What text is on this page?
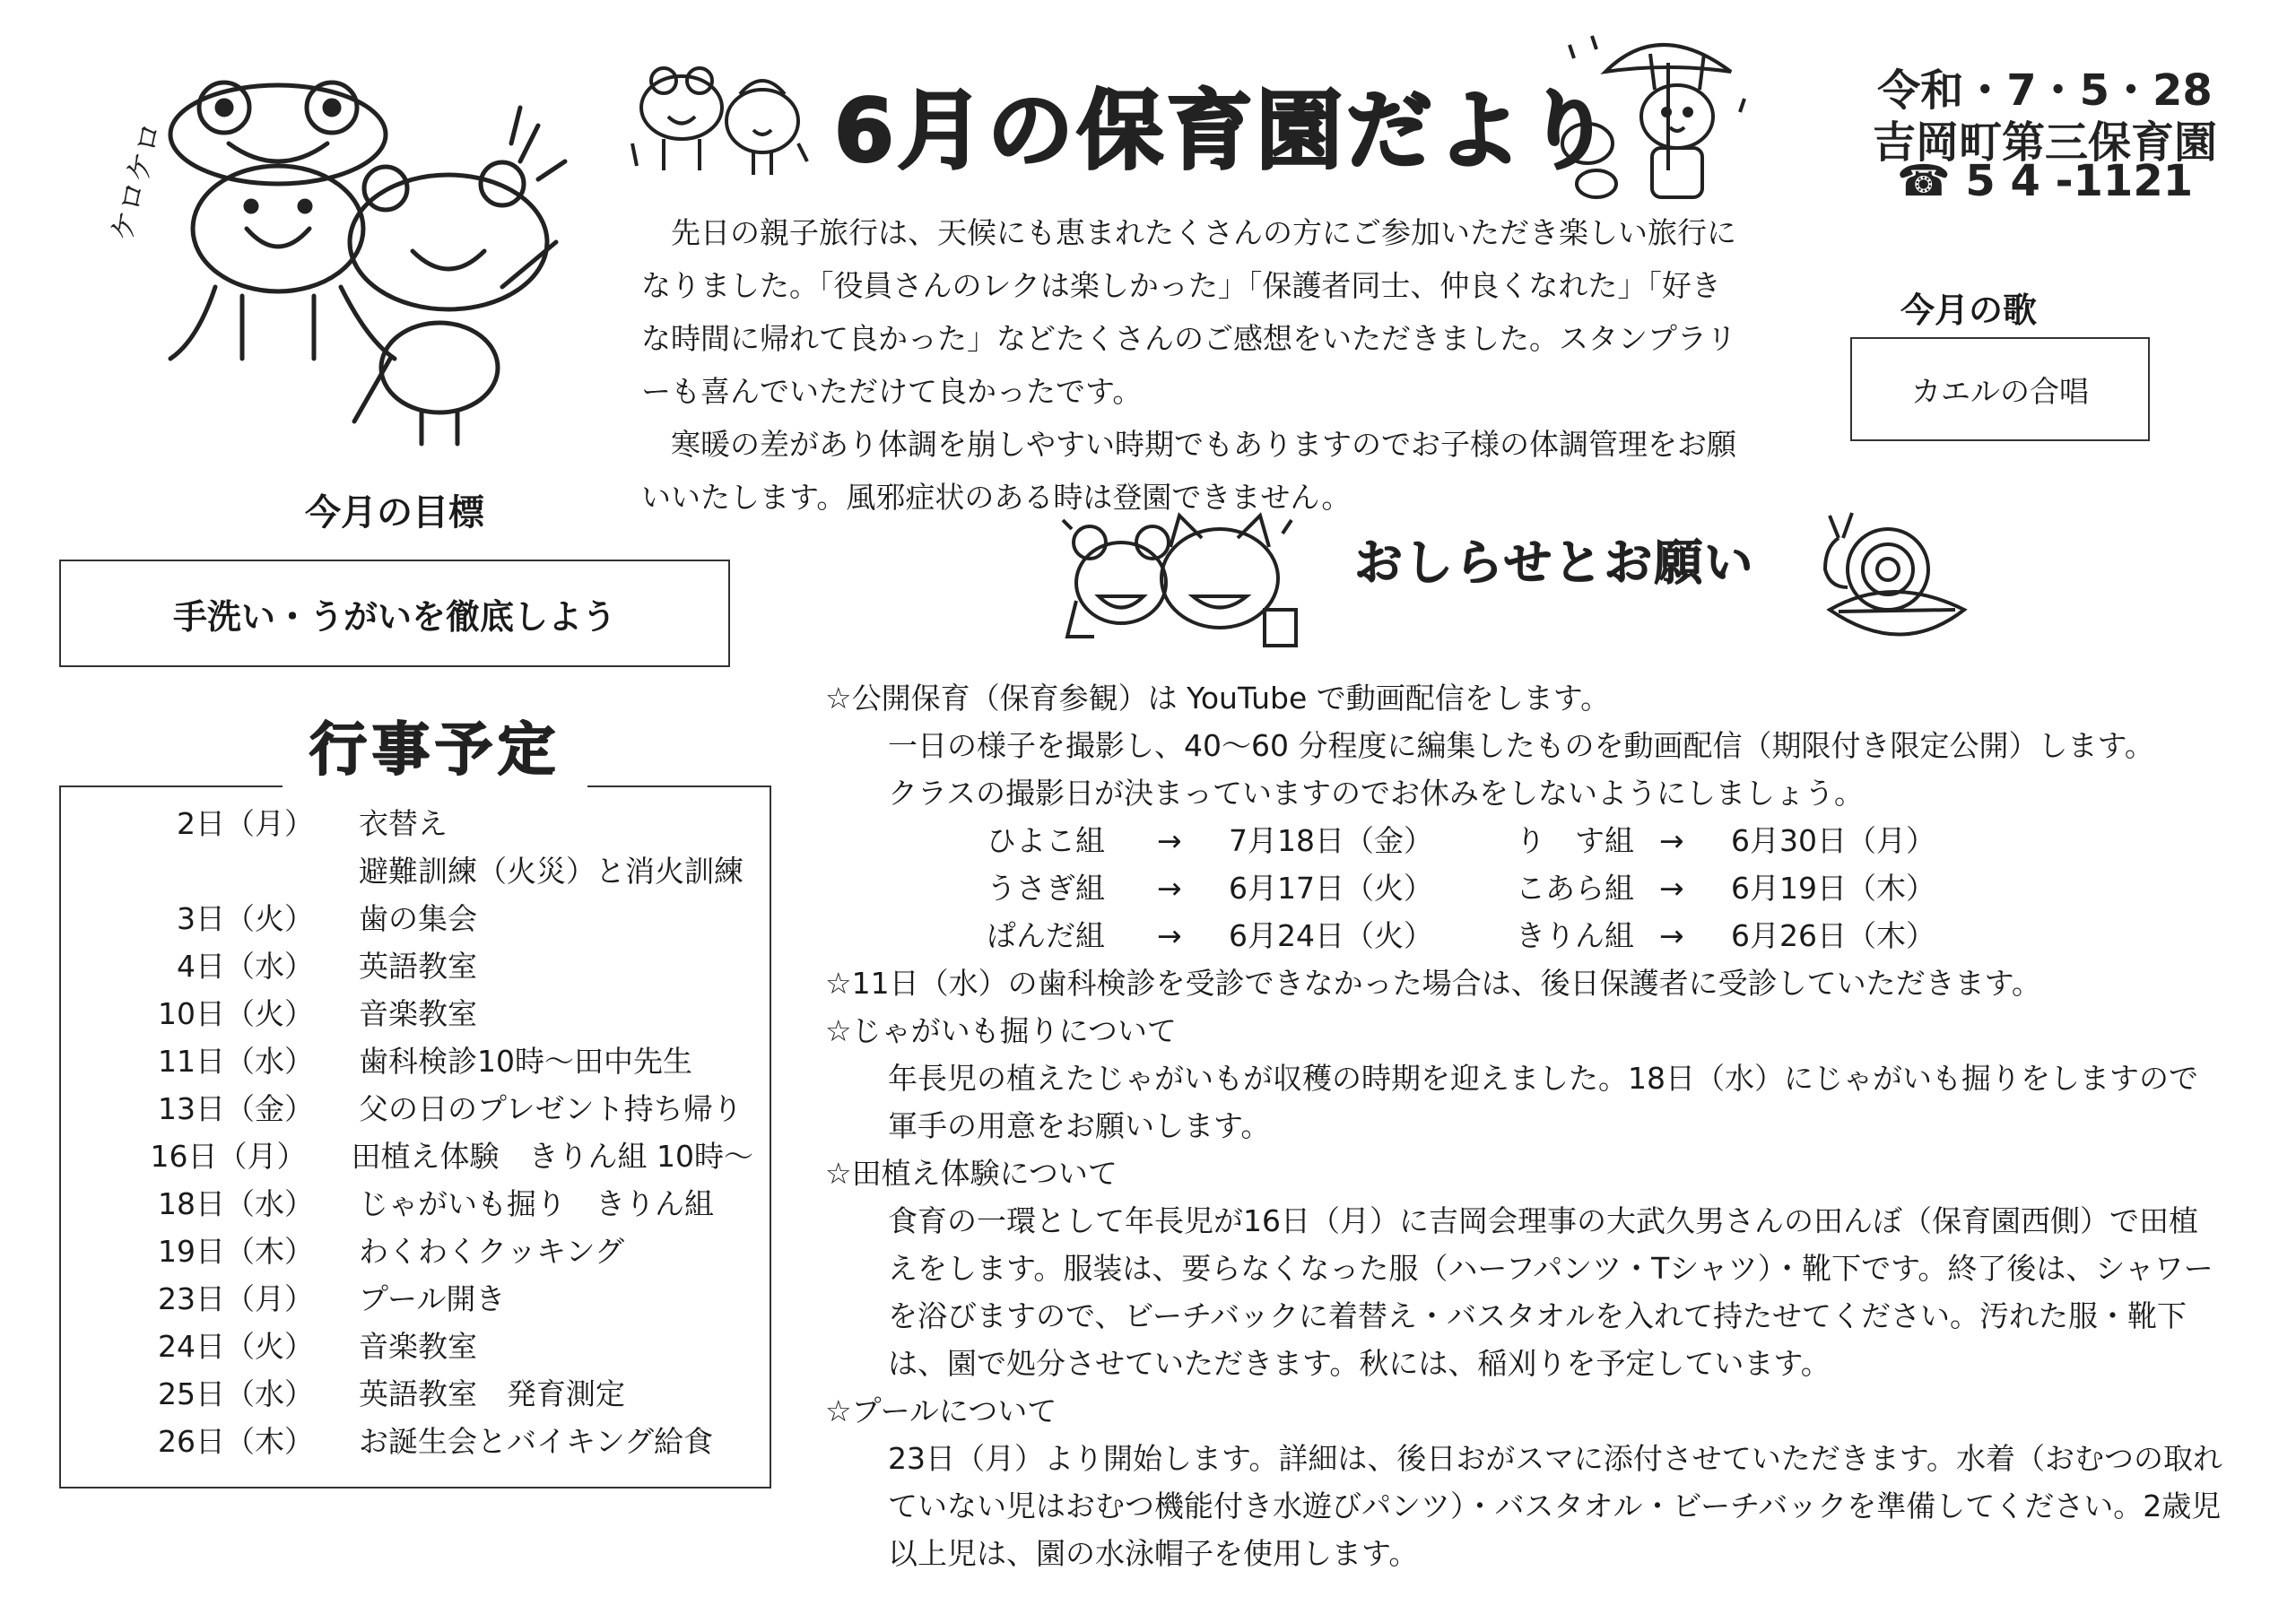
ケロケロ	6月の保育園だより	令和・7・5・28
吉岡町第三保育園
☎ 5 4 -1121

先日の親子旅行は、天候にも恵まれたくさんの方にご参加いただき楽しい旅行になりました。「役員さんのレクは楽しかった」「保護者同士、仲良くなれた」「好きな時間に帰れて良かった」などたくさんのご感想をいただきました。スタンプラリーも喜んでいただけて良かったです。

寒暖の差があり体調を崩しやすい時期でもありますのでお子様の体調管理をお願いいたします。風邪症状のある時は登園できません。

今月の歌
カエルの合唱
今月の目標
手洗い・うがいを徹底しよう
行事予定
2日（月）	衣替え
避難訓練（火災）と消火訓練
3日（火）	歯の集会
4日（水）	英語教室
10日（火）	音楽教室
11日（水）	歯科検診10時～田中先生
13日（金）	父の日のプレゼント持ち帰り
16日（月）	田植え体験　きりん組 10時～
18日（水）	じゃがいも掘り　きりん組
19日（木）	わくわくクッキング
23日（月）	プール開き
24日（火）	音楽教室
25日（水）	英語教室　発育測定
26日（木）	お誕生会とバイキング給食
おしらせとお願い

☆公開保育（保育参観）は YouTube で動画配信をします。

一日の様子を撮影し、40～60 分程度に編集したものを動画配信（期限付き限定公開）します。

クラスの撮影日が決まっていますのでお休みをしないようにしましょう。

ひよこ組	→	7月18日（金）	り　す組 →	6月30日（月）
うさぎ組	→	6月17日（火）	こあら組 →	6月19日（木）
ぱんだ組	→	6月24日（火）	きりん組 →	6月26日（木）

☆11日（水）の歯科検診を受診できなかった場合は、後日保護者に受診していただきます。

☆じゃがいも掘りについて

年長児の植えたじゃがいもが収穫の時期を迎えました。18日（水）にじゃがいも掘りをしますので軍手の用意をお願いします。

☆田植え体験について

食育の一環として年長児が16日（月）に吉岡会理事の大武久男さんの田んぼ（保育園西側）で田植えをします。服装は、要らなくなった服（ハーフパンツ・Tシャツ）・靴下です。終了後は、シャワーを浴びますので、ビーチバックに着替え・バスタオルを入れて持たせてください。汚れた服・靴下は、園で処分させていただきます。秋には、稲刈りを予定しています。

☆プールについて

23日（月）より開始します。詳細は、後日おがスマに添付させていただきます。水着（おむつの取れていない児はおむつ機能付き水遊びパンツ）・バスタオル・ビーチバックを準備してください。2歳児以上児は、園の水泳帽子を使用します。
